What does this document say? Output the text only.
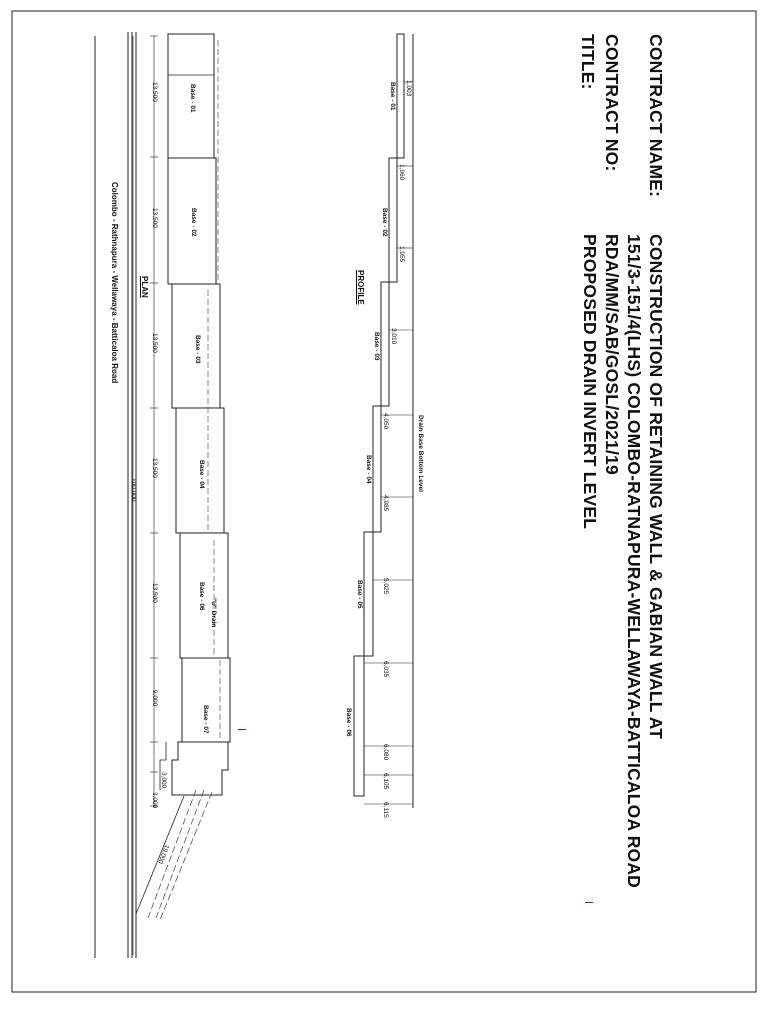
CONTRACT NAME:
CONSTRUCTION OF RETAINING WALL & GABIAN WALL AT
151/3-151/4(LHS) COLOMBO-RATNAPURA-WELLAWAYA-BATTICALOA ROAD
CONTRACT NO:
RDA/MM/SAB/GOSL/2021/19
TITLE:
PROPOSED DRAIN INVERT LEVEL
PROFILE
Drain Base Bottom Level
Base - 01
Base - 02
Base - 03
Base - 04
Base - 05
Base - 06
1,003
1,960
1,955
3,010
4,050
4,985
5,025
6,035
6,080
6,105
6,115
PLAN
Colombo - Rathnapura - Wellawaya - Batticaloa Road
Base - 01
Base - 02
Base - 03
Base - 04
Base - 06
"U" Drain
Base - 07
13,500
13,500
13,500
13,500
13,500
9,000
3,000
3,000
100,000
19,000
